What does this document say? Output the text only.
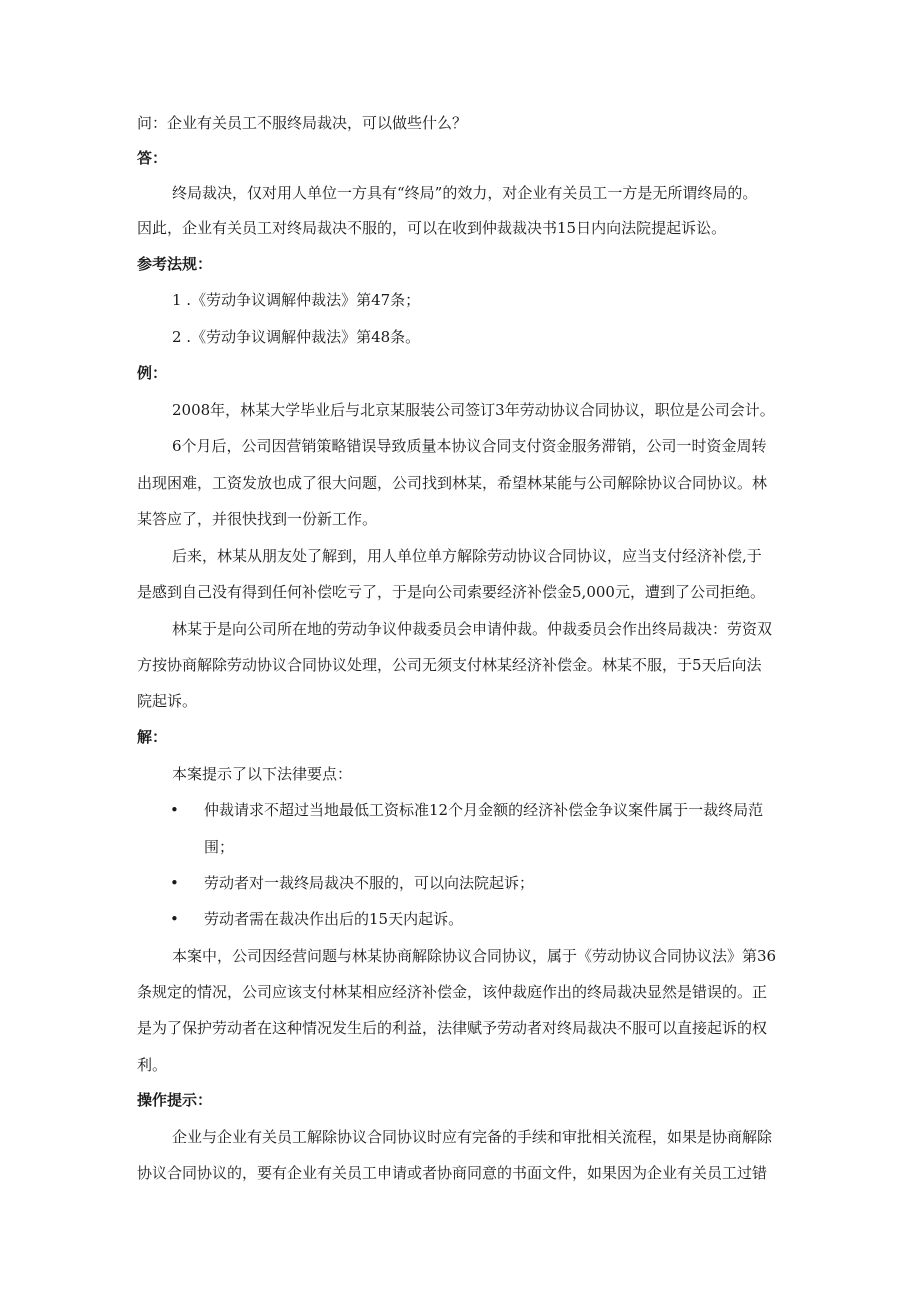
问：企业有关员工不服终局裁决，可以做些什么？
答：
终局裁决，仅对用人单位一方具有“终局”的效力，对企业有关员工一方是无所谓终局的。
因此，企业有关员工对终局裁决不服的，可以在收到仲裁裁决书15日内向法院提起诉讼。
参考法规：
1 .《劳动争议调解仲裁法》第47条；
2 .《劳动争议调解仲裁法》第48条。
例：
2008年，林某大学毕业后与北京某服装公司签订3年劳动协议合同协议，职位是公司会计。
6个月后，公司因营销策略错误导致质量本协议合同支付资金服务滞销，公司一时资金周转
出现困难，工资发放也成了很大问题，公司找到林某，希望林某能与公司解除协议合同协议。林
某答应了，并很快找到一份新工作。
后来，林某从朋友处了解到，用人单位单方解除劳动协议合同协议，应当支付经济补偿,于
是感到自己没有得到任何补偿吃亏了，于是向公司索要经济补偿金5,000元，遭到了公司拒绝。
林某于是向公司所在地的劳动争议仲裁委员会申请仲裁。仲裁委员会作出终局裁决：劳资双
方按协商解除劳动协议合同协议处理，公司无须支付林某经济补偿金。林某不服，于5天后向法
院起诉。
解：
本案提示了以下法律要点：
• 仲裁请求不超过当地最低工资标准12个月金额的经济补偿金争议案件属于一裁终局范
围；
• 劳动者对一裁终局裁决不服的，可以向法院起诉；
• 劳动者需在裁决作出后的15天内起诉。
本案中，公司因经营问题与林某协商解除协议合同协议，属于《劳动协议合同协议法》第36
条规定的情况，公司应该支付林某相应经济补偿金，该仲裁庭作出的终局裁决显然是错误的。正
是为了保护劳动者在这种情况发生后的利益，法律赋予劳动者对终局裁决不服可以直接起诉的权
利。
操作提示：
企业与企业有关员工解除协议合同协议时应有完备的手续和审批相关流程，如果是协商解除
协议合同协议的，要有企业有关员工申请或者协商同意的书面文件，如果因为企业有关员工过错
